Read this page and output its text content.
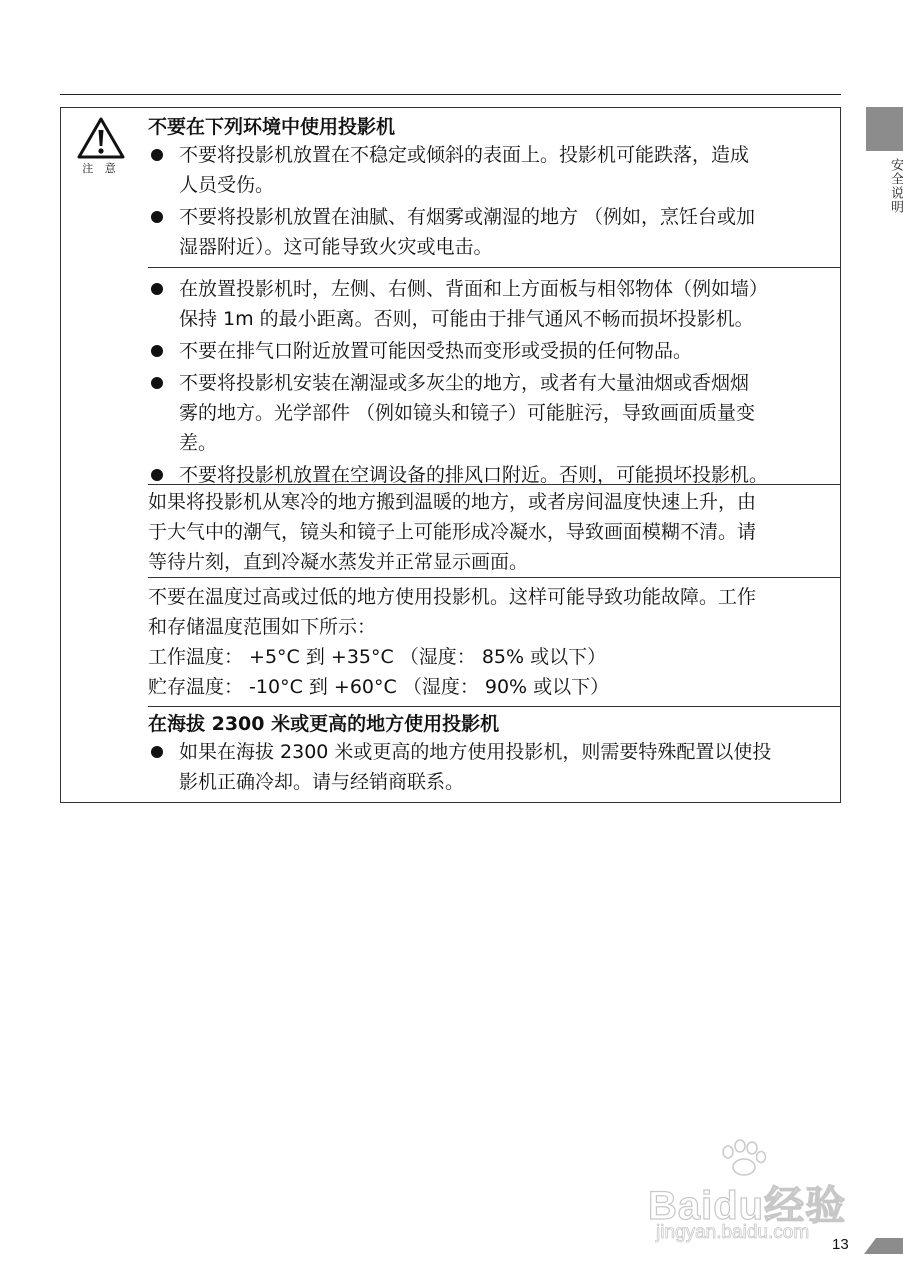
安全说明
注 意
不要在下列环境中使用投影机
不要将投影机放置在不稳定或倾斜的表面上。投影机可能跌落，造成
人员受伤。
不要将投影机放置在油腻、有烟雾或潮湿的地方 （例如，烹饪台或加
湿器附近）。这可能导致火灾或电击。
在放置投影机时，左侧、右侧、背面和上方面板与相邻物体（例如墙）
保持 1m 的最小距离。否则，可能由于排气通风不畅而损坏投影机。
不要在排气口附近放置可能因受热而变形或受损的任何物品。
不要将投影机安装在潮湿或多灰尘的地方，或者有大量油烟或香烟烟
雾的地方。光学部件 （例如镜头和镜子）可能脏污，导致画面质量变
差。
不要将投影机放置在空调设备的排风口附近。否则，可能损坏投影机。
如果将投影机从寒冷的地方搬到温暖的地方，或者房间温度快速上升，由
于大气中的潮气，镜头和镜子上可能形成冷凝水，导致画面模糊不清。请
等待片刻，直到冷凝水蒸发并正常显示画面。
不要在温度过高或过低的地方使用投影机。这样可能导致功能故障。工作
和存储温度范围如下所示：
工作温度： +5°C 到 +35°C （湿度： 85% 或以下）
贮存温度： -10°C 到 +60°C （湿度： 90% 或以下）
在海拔 2300 米或更高的地方使用投影机
如果在海拔 2300 米或更高的地方使用投影机，则需要特殊配置以使投
影机正确冷却。请与经销商联系。
Baidu经验
jingyan.baidu.com
13
